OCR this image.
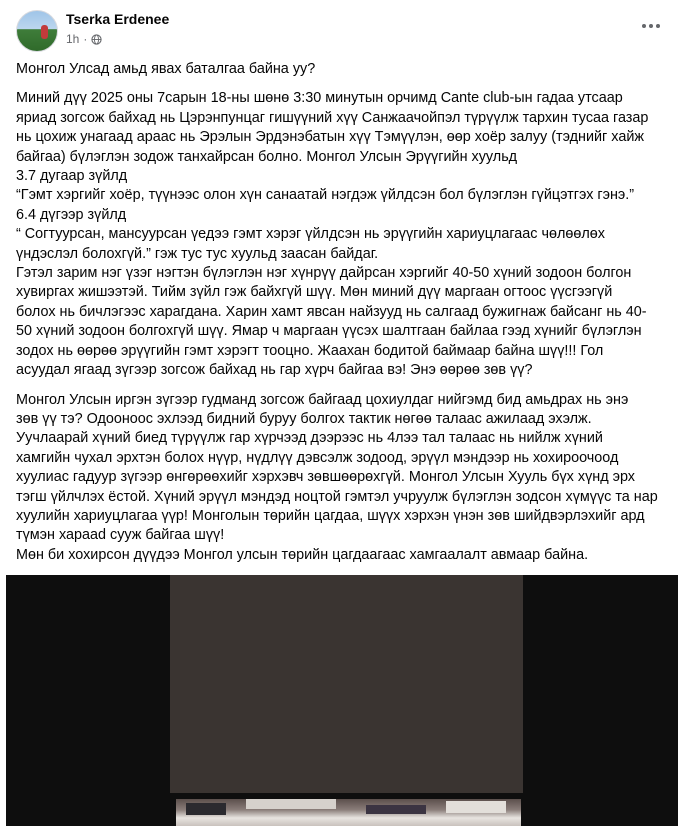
Tserka Erdenee
1h ·

Монгол Улсад амьд явах баталгаа байна уу?

Миний дүү 2025 оны 7сарын 18-ны шөнө 3:30 минутын орчимд Cante club-ын гадаа утсаар
яриад зогсож байхад нь Цэрэнпунцаг гишүүний хүү Санжаачойпэл түрүүлж тархин тусаа газар
нь цохиж унагаад араас нь Эрэлын Эрдэнэбатын хүү Тэмүүлэн, өөр хоёр залуу (тэднийг хайж
байгаа) бүлэглэн зодож танхайрсан болно. Монгол Улсын Эрүүгийн хуульд
3.7 дугаар зүйлд
“Гэмт хэргийг хоёр, түүнээс олон хүн санаатай нэгдэж үйлдсэн бол бүлэглэн гүйцэтгэх гэнэ.”
6.4 дүгээр зүйлд
“ Согтуурсан, мансуурсан үедээ гэмт хэрэг үйлдсэн нь эрүүгийн хариуцлагаас чөлөөлөх
үндэслэл болохгүй.” гэж тус тус хуульд заасан байдаг.
Гэтэл зарим нэг үзэг нэгтэн бүлэглэн нэг хүнрүү дайрсан хэргийг 40-50 хүний зодоон болгон
хувиргах жишээтэй. Тийм зүйл гэж байхгүй шүү. Мөн миний дүү маргаан огтоос үүсгээгүй
болох нь бичлэгээс харагдана. Харин хамт явсан найзууд нь салгаад бужигнаж байсанг нь 40-
50 хүний зодоон болгохгүй шүү. Ямар ч маргаан үүсэх шалтгаан байлаа гээд хүнийг бүлэглэн
зодох нь өөрөө эрүүгийн гэмт хэрэгт тооцно. Жаахан бодитой баймаар байна шүү!!! Гол
асуудал ягаад зүгээр зогсож байхад нь гар хүрч байгаа вэ! Энэ өөрөө зөв үү?

Монгол Улсын иргэн зүгээр гудманд зогсож байгаад цохиулдаг нийгэмд бид амьдрах нь энэ
зөв үү тэ? Одооноос эхлээд бидний буруу болгох тактик нөгөө талаас ажилаад эхэлж.
Уучлаарай хүний биед түрүүлж гар хүрчээд дээрээс нь 4лээ тал талаас нь нийлж хүний
хамгийн чухал эрхтэн болох нүүр, нүдлүү дэвсэлж зодоод, эрүүл мэндээр нь хохироочоод
хуулиас гадуур зүгээр өнгөрөөхийг хэрхэвч зөвшөөрөхгүй. Монгол Улсын Хууль бүх хүнд эрх
тэгш үйлчлэх ёстой. Хүний эрүүл мэндэд ноцтой гэмтэл учруулж бүлэглэн зодсон хүмүүс та нар
хуулийн хариуцлагаа үүр! Монголын төрийн цагдаа, шүүх хэрхэн үнэн зөв шийдвэрлэхийг ард
түмэн харааd сууж байгаа шүү!
Мөн би хохирсон дүүдээ Монгол улсын төрийн цагдаагаас хамгаалалт авмаар байна.
